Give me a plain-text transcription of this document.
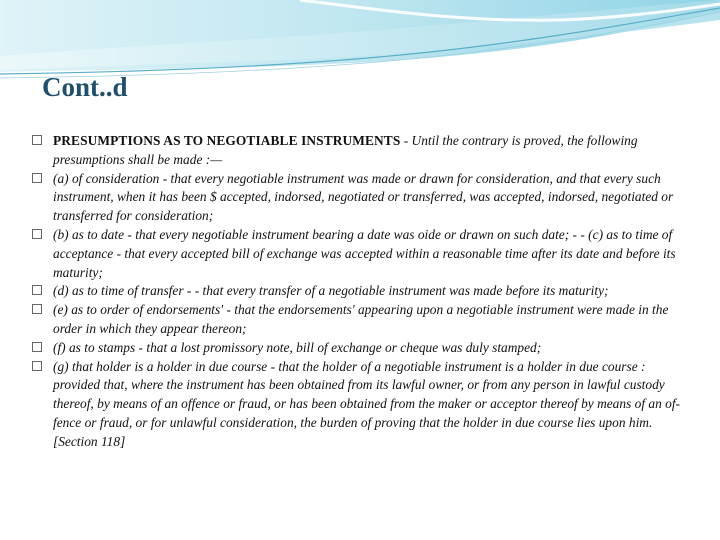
Cont..d

PRESUMPTIONS AS TO NEGOTIABLE INSTRUMENTS - Until the contrary is proved, the following presumptions shall be made :—

(a) of consideration - that every negotiable instrument was made or drawn for consideration, and that every such instrument, when it has been $ accepted, indorsed, negotiated or transferred, was accepted, indorsed, negotiated or transferred for consideration;

(b) as to date - that every negotiable instrument bearing a date was oide or drawn on such date; - - (c) as to time of acceptance - that every accepted bill of exchange was accepted within a reasonable time after its date and before its maturity;

(d) as to time of transfer - - that every transfer of a negotiable instrument was made before its maturity;

(e) as to order of endorsements' - that the endorsements' appearing upon a negotiable instrument were made in the order in which they appear thereon;

(f) as to stamps - that a lost promissory note, bill of exchange or cheque was duly stamped;

(g) that holder is a holder in due course - that the holder of a negotiable instrument is a holder in due course : provided that, where the instrument has been obtained from its lawful owner, or from any person in lawful custody thereof, by means of an offence or fraud, or has been obtained from the maker or acceptor thereof by means of an of-fence or fraud, or for unlawful consideration, the burden of proving that the holder in due course lies upon him. [Section 118]
